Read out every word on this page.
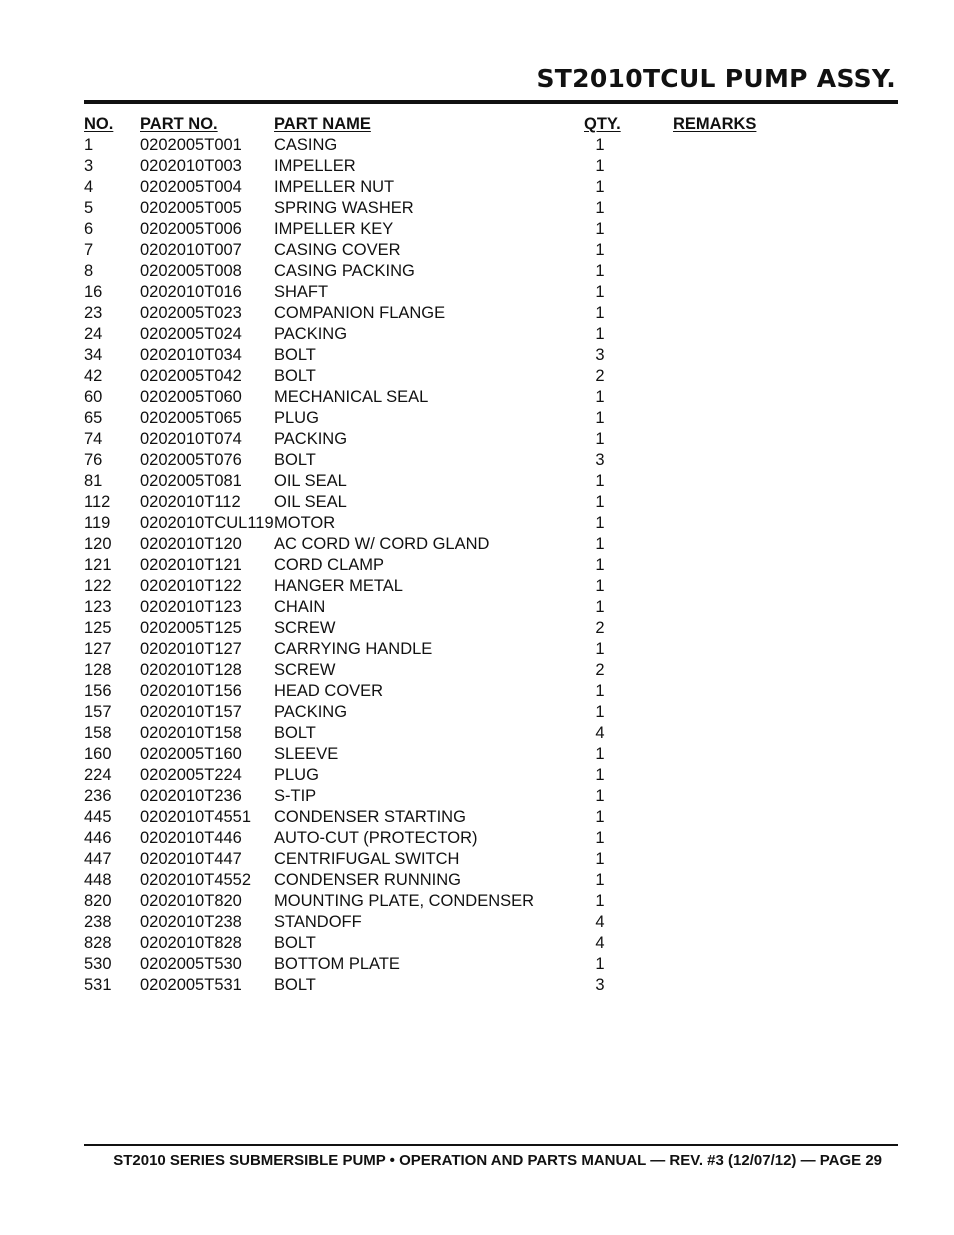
ST2010TCUL PUMP ASSY.
NO. PART NO.	PART NAME	QTY.	REMARKS
1	0202005T001 CASING	1
3	0202010T003 IMPELLER	1
4	0202005T004 IMPELLER NUT	1
5	0202005T005 SPRING WASHER	1
6	0202005T006 IMPELLER KEY	1
7	0202010T007 CASING COVER	1
8	0202005T008 CASING PACKING	1
16 0202010T016 SHAFT	1
23 0202005T023 COMPANION FLANGE	1
24 0202005T024 PACKING	1
34 0202010T034 BOLT	3
42 0202005T042 BOLT	2
60 0202005T060 MECHANICAL SEAL	1
65 0202005T065 PLUG	1
74 0202010T074 PACKING	1
76 0202005T076 BOLT	3
81 0202005T081 OIL SEAL	1
112 0202010T112 OIL SEAL	1
119 0202010TCUL119 MOTOR	1
120 0202010T120 AC CORD W/ CORD GLAND	1
121 0202010T121 CORD CLAMP	1
122 0202010T122 HANGER METAL	1
123 0202010T123 CHAIN	1
125 0202005T125 SCREW	2
127 0202010T127 CARRYING HANDLE	1
128 0202010T128 SCREW	2
156 0202010T156 HEAD COVER	1
157 0202010T157 PACKING	1
158 0202010T158 BOLT	4
160 0202005T160 SLEEVE	1
224 0202005T224 PLUG	1
236 0202010T236 S-TIP	1
445 0202010T4551 CONDENSER STARTING	1
446 0202010T446 AUTO-CUT (PROTECTOR)	1
447 0202010T447 CENTRIFUGAL SWITCH	1
448 0202010T4552 CONDENSER RUNNING	1
820 0202010T820 MOUNTING PLATE, CONDENSER	1
238 0202010T238 STANDOFF	4
828 0202010T828 BOLT	4
530 0202005T530 BOTTOM PLATE	1
531 0202005T531 BOLT	3
ST2010 SERIES SUBMERSIBLE PUMP • OPERATION AND PARTS MANUAL — REV. #3 (12/07/12) — PAGE 29
